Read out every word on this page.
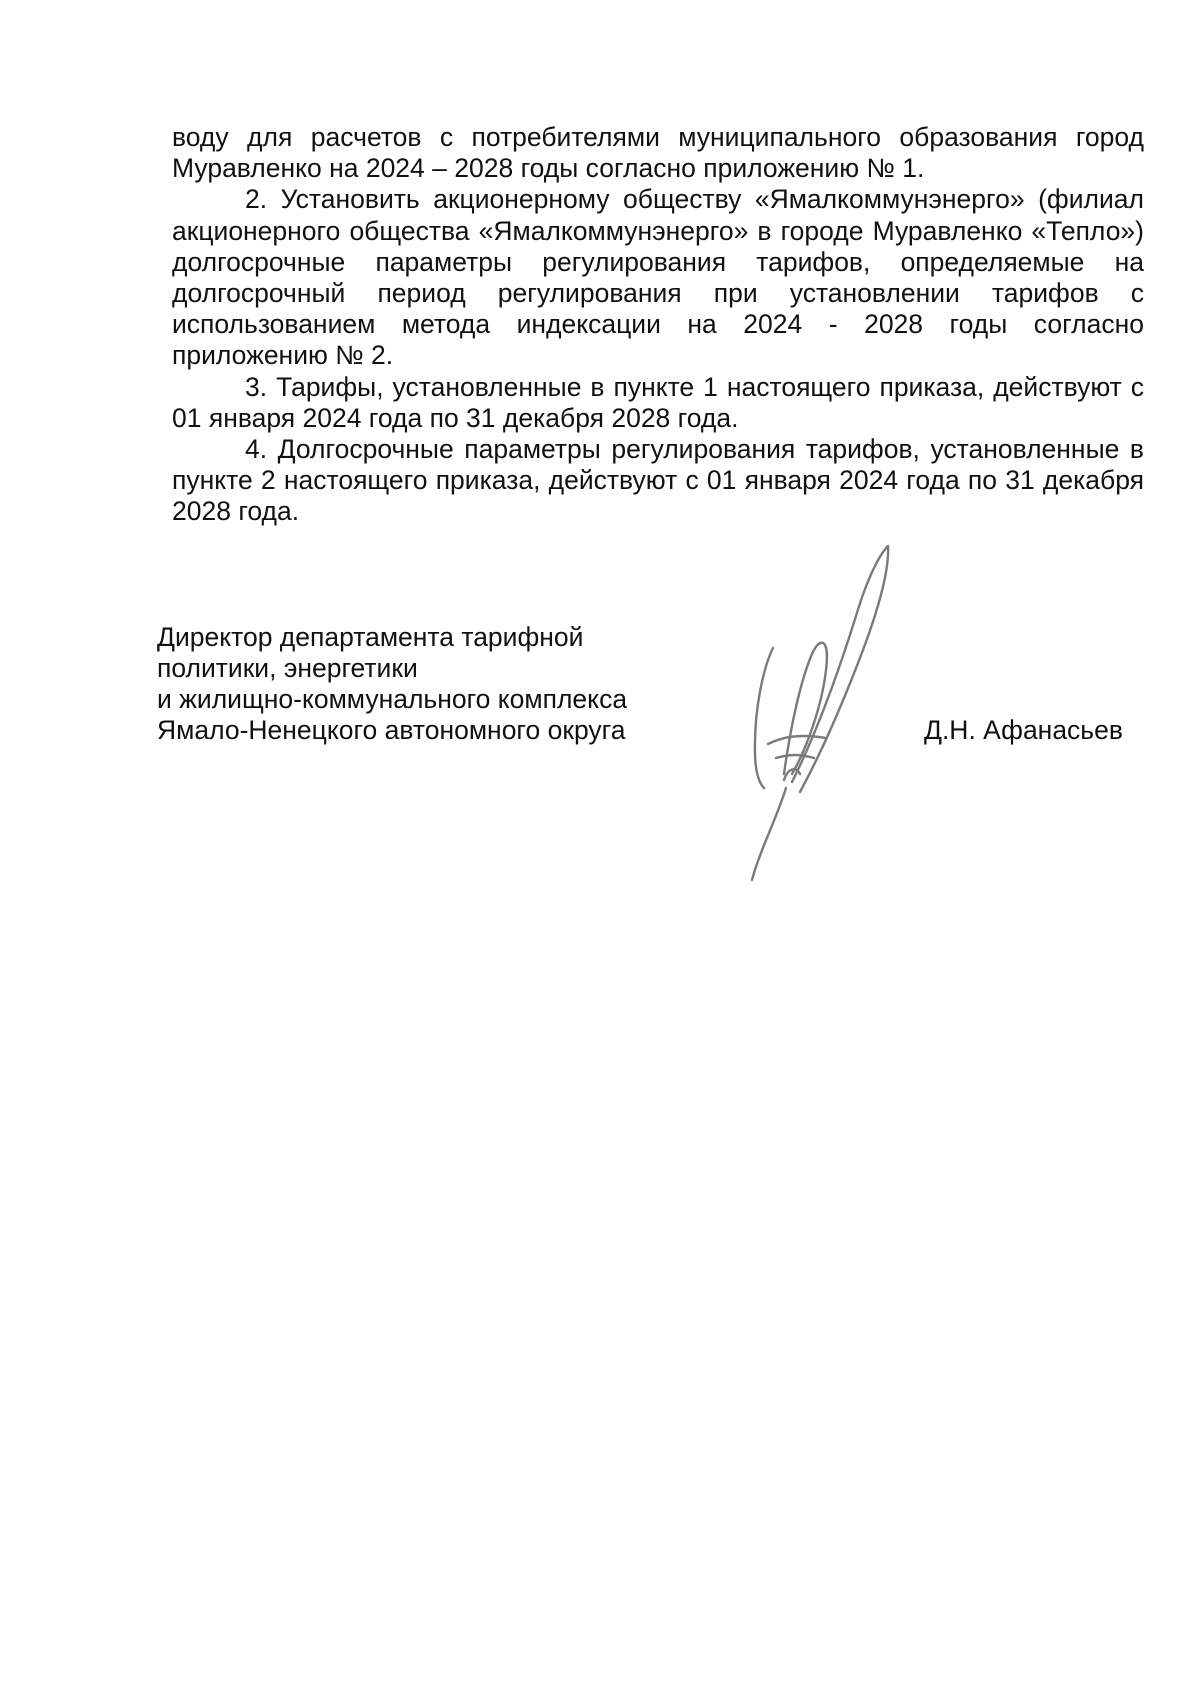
воду для расчетов с потребителями муниципального образования город Муравленко на 2024 – 2028 годы согласно приложению № 1.

2. Установить акционерному обществу «Ямалкоммунэнерго» (филиал акционерного общества «Ямалкоммунэнерго» в городе Муравленко «Тепло») долгосрочные параметры регулирования тарифов, определяемые на долгосрочный период регулирования при установлении тарифов с использованием метода индексации на 2024 - 2028 годы согласно приложению № 2.

3. Тарифы, установленные в пункте 1 настоящего приказа, действуют с 01 января 2024 года по 31 декабря 2028 года.

4. Долгосрочные параметры регулирования тарифов, установленные в пункте 2 настоящего приказа, действуют с 01 января 2024 года по 31 декабря 2028 года.

Директор департамента тарифной
политики, энергетики
и жилищно-коммунального комплекса
Ямало-Ненецкого автономного округа	Д.Н. Афанасьев
